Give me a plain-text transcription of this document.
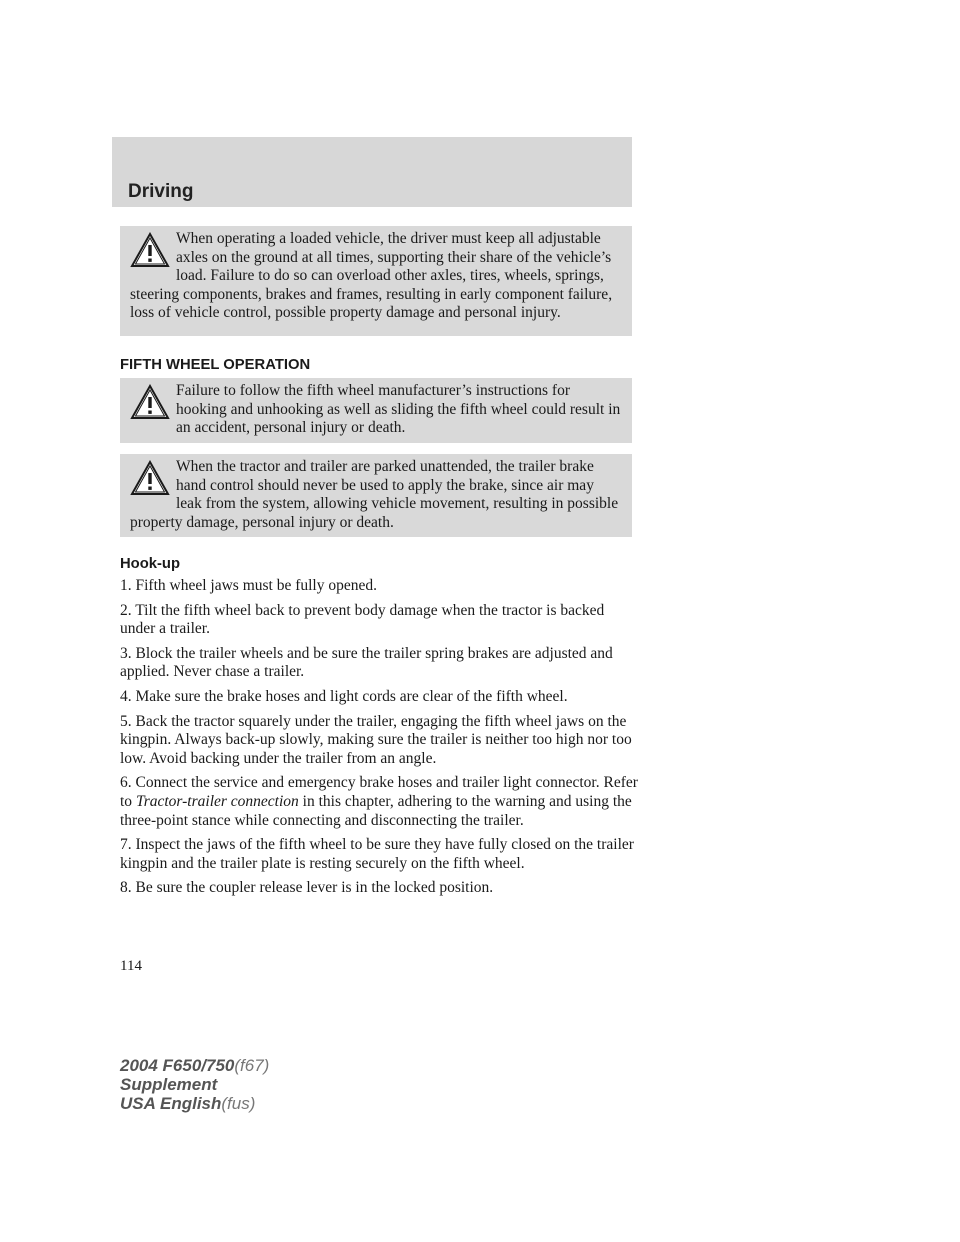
Driving
When operating a loaded vehicle, the driver must keep all adjustable axles on the ground at all times, supporting their share of the vehicle’s load. Failure to do so can overload other axles, tires, wheels, springs, steering components, brakes and frames, resulting in early component failure, loss of vehicle control, possible property damage and personal injury.
FIFTH WHEEL OPERATION
Failure to follow the fifth wheel manufacturer’s instructions for hooking and unhooking as well as sliding the fifth wheel could result in an accident, personal injury or death.
When the tractor and trailer are parked unattended, the trailer brake hand control should never be used to apply the brake, since air may leak from the system, allowing vehicle movement, resulting in possible property damage, personal injury or death.
Hook-up

1. Fifth wheel jaws must be fully opened.

2. Tilt the fifth wheel back to prevent body damage when the tractor is backed under a trailer.

3. Block the trailer wheels and be sure the trailer spring brakes are adjusted and applied. Never chase a trailer.

4. Make sure the brake hoses and light cords are clear of the fifth wheel.

5. Back the tractor squarely under the trailer, engaging the fifth wheel jaws on the kingpin. Always back-up slowly, making sure the trailer is neither too high nor too low. Avoid backing under the trailer from an angle.

6. Connect the service and emergency brake hoses and trailer light connector. Refer to Tractor-trailer connection in this chapter, adhering to the warning and using the three-point stance while connecting and disconnecting the trailer.

7. Inspect the jaws of the fifth wheel to be sure they have fully closed on the trailer kingpin and the trailer plate is resting securely on the fifth wheel.

8. Be sure the coupler release lever is in the locked position.

114
2004 F650/750(f67)
Supplement
USA English(fus)
